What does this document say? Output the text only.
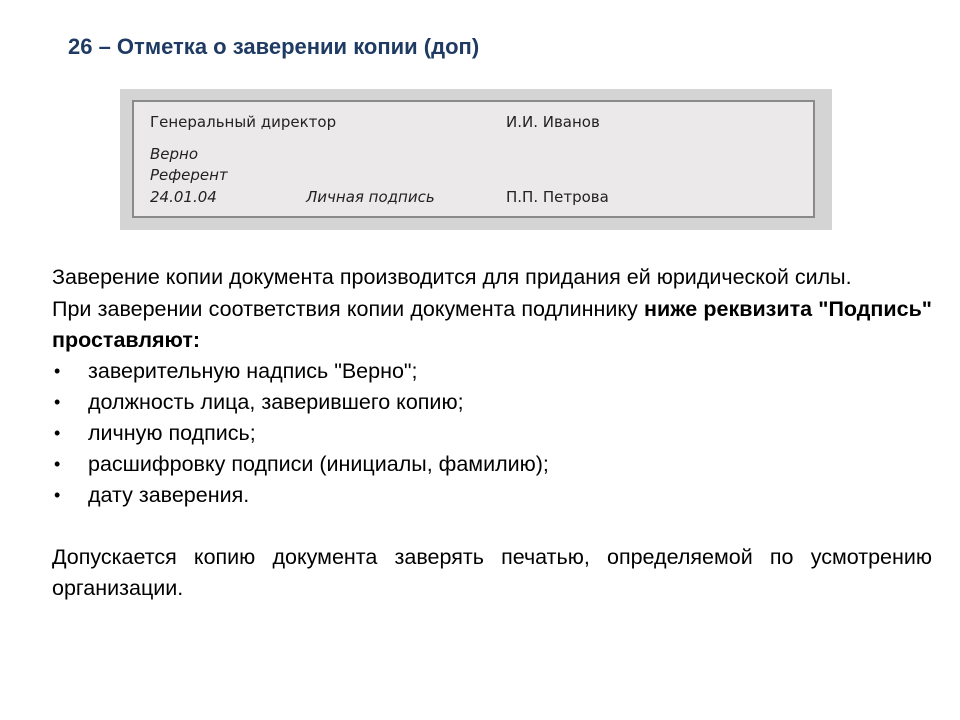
26 – Отметка о заверении копии (доп)
Генеральный директор	И.И. Иванов
Верно
Референт
24.01.04	Личная подпись	П.П. Петрова

Заверение копии документа производится для придания ей юридической силы.

При заверении соответствия копии документа подлиннику ниже реквизита "Подпись" проставляют:

• заверительную надпись "Верно";
• должность лица, заверившего копию;
• личную подпись;
• расшифровку подписи (инициалы, фамилию);
• дату заверения.

Допускается копию документа заверять печатью, определяемой по усмотрению организации.
